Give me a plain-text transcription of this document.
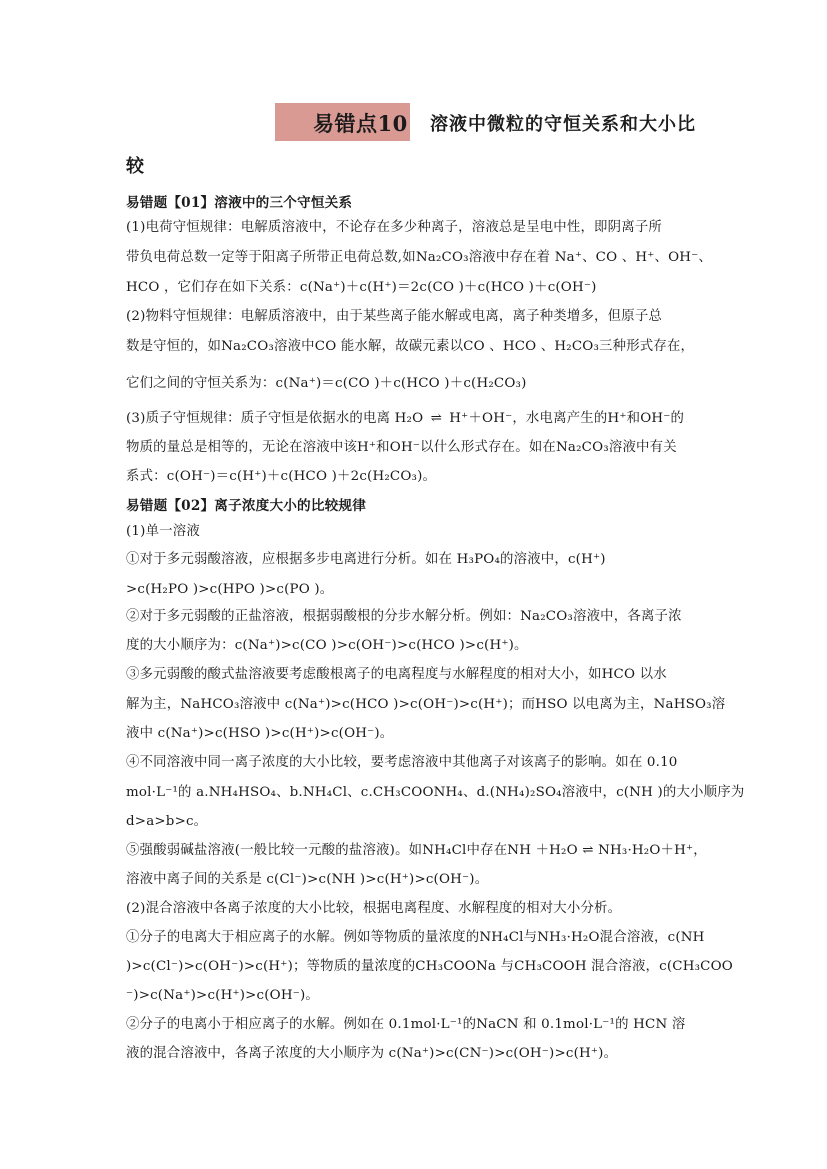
易错点10 溶液中微粒的守恒关系和大小比
较
易错题【01】溶液中的三个守恒关系
(1)电荷守恒规律：电解质溶液中，不论存在多少种离子，溶液总是呈电中性，即阴离子所
带负电荷总数一定等于阳离子所带正电荷总数,如Na₂CO₃溶液中存在着 Na⁺、CO 、H⁺、OH⁻、
HCO ，它们存在如下关系：c(Na⁺)＋c(H⁺)＝2c(CO )＋c(HCO )＋c(OH⁻)
(2)物料守恒规律：电解质溶液中，由于某些离子能水解或电离，离子种类增多，但原子总
数是守恒的，如Na₂CO₃溶液中CO 能水解，故碳元素以CO 、HCO 、H₂CO₃三种形式存在，
它们之间的守恒关系为：c(Na⁺)＝c(CO )＋c(HCO )＋c(H₂CO₃)
(3)质子守恒规律：质子守恒是依据水的电离 H₂O ⇌ H⁺＋OH⁻，水电离产生的H⁺和OH⁻的
物质的量总是相等的，无论在溶液中该H⁺和OH⁻以什么形式存在。如在Na₂CO₃溶液中有关
系式：c(OH⁻)＝c(H⁺)＋c(HCO )＋2c(H₂CO₃)。
易错题【02】离子浓度大小的比较规律
(1)单一溶液
①对于多元弱酸溶液，应根据多步电离进行分析。如在 H₃PO₄的溶液中，c(H⁺)
>c(H₂PO )>c(HPO )>c(PO )。
②对于多元弱酸的正盐溶液，根据弱酸根的分步水解分析。例如：Na₂CO₃溶液中，各离子浓
度的大小顺序为：c(Na⁺)>c(CO )>c(OH⁻)>c(HCO )>c(H⁺)。
③多元弱酸的酸式盐溶液要考虑酸根离子的电离程度与水解程度的相对大小，如HCO 以水
解为主，NaHCO₃溶液中 c(Na⁺)>c(HCO )>c(OH⁻)>c(H⁺)；而HSO 以电离为主，NaHSO₃溶
液中 c(Na⁺)>c(HSO )>c(H⁺)>c(OH⁻)。
④不同溶液中同一离子浓度的大小比较，要考虑溶液中其他离子对该离子的影响。如在 0.10
mol·L⁻¹的 a.NH₄HSO₄、b.NH₄Cl、c.CH₃COONH₄、d.(NH₄)₂SO₄溶液中，c(NH )的大小顺序为
d>a>b>c。
⑤强酸弱碱盐溶液(一般比较一元酸的盐溶液)。如NH₄Cl中存在NH ＋H₂O ⇌ NH₃·H₂O＋H⁺，
溶液中离子间的关系是 c(Cl⁻)>c(NH )>c(H⁺)>c(OH⁻)。
(2)混合溶液中各离子浓度的大小比较，根据电离程度、水解程度的相对大小分析。
①分子的电离大于相应离子的水解。例如等物质的量浓度的NH₄Cl与NH₃·H₂O混合溶液，c(NH
)>c(Cl⁻)>c(OH⁻)>c(H⁺)；等物质的量浓度的CH₃COONa 与CH₃COOH 混合溶液，c(CH₃COO
⁻)>c(Na⁺)>c(H⁺)>c(OH⁻)。
②分子的电离小于相应离子的水解。例如在 0.1mol·L⁻¹的NaCN 和 0.1mol·L⁻¹的 HCN 溶
液的混合溶液中，各离子浓度的大小顺序为 c(Na⁺)>c(CN⁻)>c(OH⁻)>c(H⁺)。
